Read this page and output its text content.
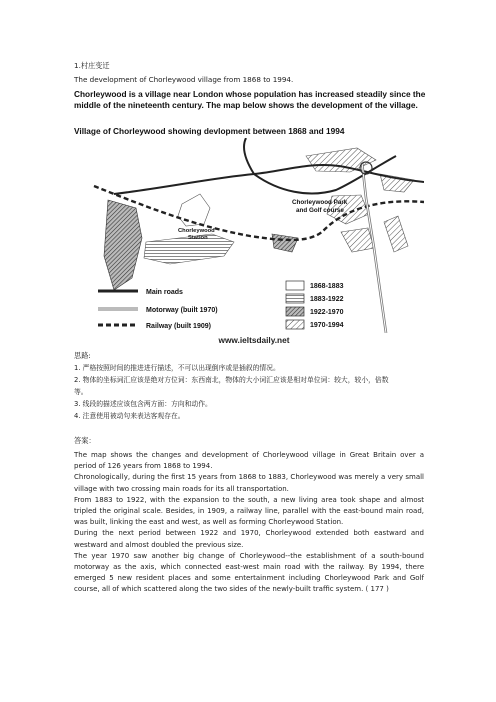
1.村庄变迁
The development of Chorleywood village from 1868 to 1994.
Chorleywood is a village near London whose population has increased steadily since the middle of the nineteenth century. The map below shows the development of the village.
Village of Chorleywood showing devlopment between 1868 and 1994
Chorleywood Park
and Golf course
Chorleywood
Station
Main roads
Motorway (built 1970)
Railway (built 1909)
1868-1883
1883-1922
1922-1970
1970-1994
www.ieltsdaily.net
思路:
1. 严格按照时间的推进进行描述，不可以出现倒序或是插叙的情况。
2. 物体的坐标词汇应该是绝对方位词：东西南北，物体的大小词汇应该是相对单位词：较大，较小，倍数
等。
3. 线段的描述应该包含两方面：方向和动作。
4. 注意使用被动句来表达客观存在。
答案：

The map shows the changes and development of Chorleywood village in Great Britain over a period of 126 years from 1868 to 1994.

Chronologically, during the first 15 years from 1868 to 1883, Chorleywood was merely a very small village with two crossing main roads for its all transportation.

From 1883 to 1922, with the expansion to the south, a new living area took shape and almost tripled the original scale. Besides, in 1909, a railway line, parallel with the east-bound main road, was built, linking the east and west, as well as forming Chorleywood Station.

During the next period between 1922 and 1970, Chorleywood extended both eastward and westward and almost doubled the previous size.

The year 1970 saw another big change of Chorleywood--the establishment of a south-bound motorway as the axis, which connected east-west main road with the railway. By 1994, there emerged 5 new resident places and some entertainment including Chorleywood Park and Golf course, all of which scattered along the two sides of the newly-built traffic system. ( 177 )
